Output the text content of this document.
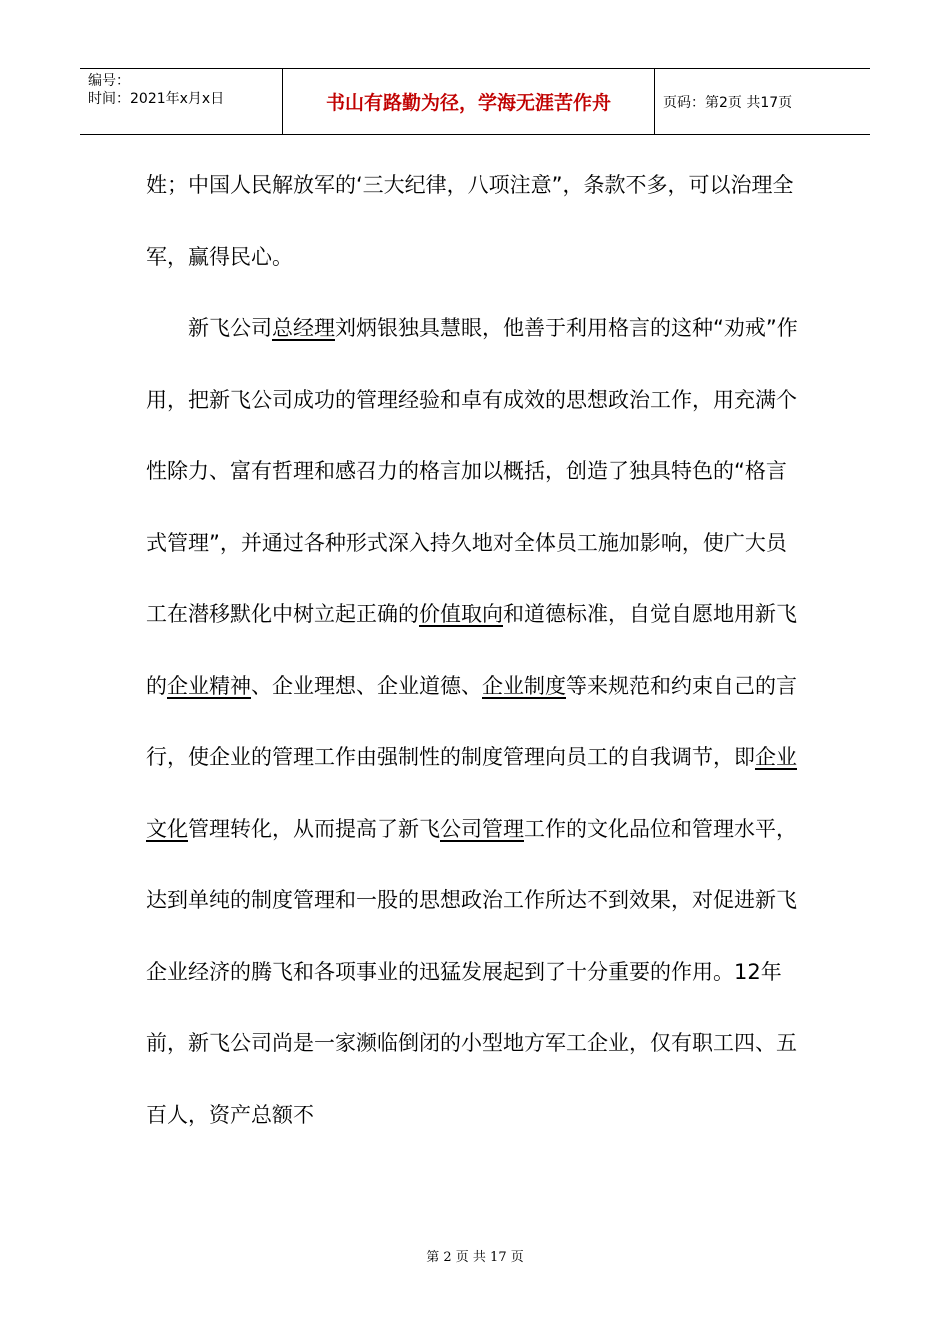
编号：
时间：2021年x月x日	书山有路勤为径，学海无涯苦作舟	页码：第2页 共17页

姓；中国人民解放军的‘三大纪律，八项注意”，条款不多，可以治理全军，赢得民心。

新飞公司总经理刘炳银独具慧眼，他善于利用格言的这种“劝戒”作用，把新飞公司成功的管理经验和卓有成效的思想政治工作，用充满个性除力、富有哲理和感召力的格言加以概括，创造了独具特色的“格言式管理”，并通过各种形式深入持久地对全体员工施加影响，使广大员工在潜移默化中树立起正确的价值取向和道德标准，自觉自愿地用新飞的企业精神、企业理想、企业道德、企业制度等来规范和约束自己的言行，使企业的管理工作由强制性的制度管理向员工的自我调节，即企业文化管理转化，从而提高了新飞公司管理工作的文化品位和管理水平，达到单纯的制度管理和一股的思想政治工作所达不到效果，对促进新飞企业经济的腾飞和各项事业的迅猛发展起到了十分重要的作用。12年前，新飞公司尚是一家濒临倒闭的小型地方军工企业，仅有职工四、五百人，资产总额不

第 2 页 共 17 页
